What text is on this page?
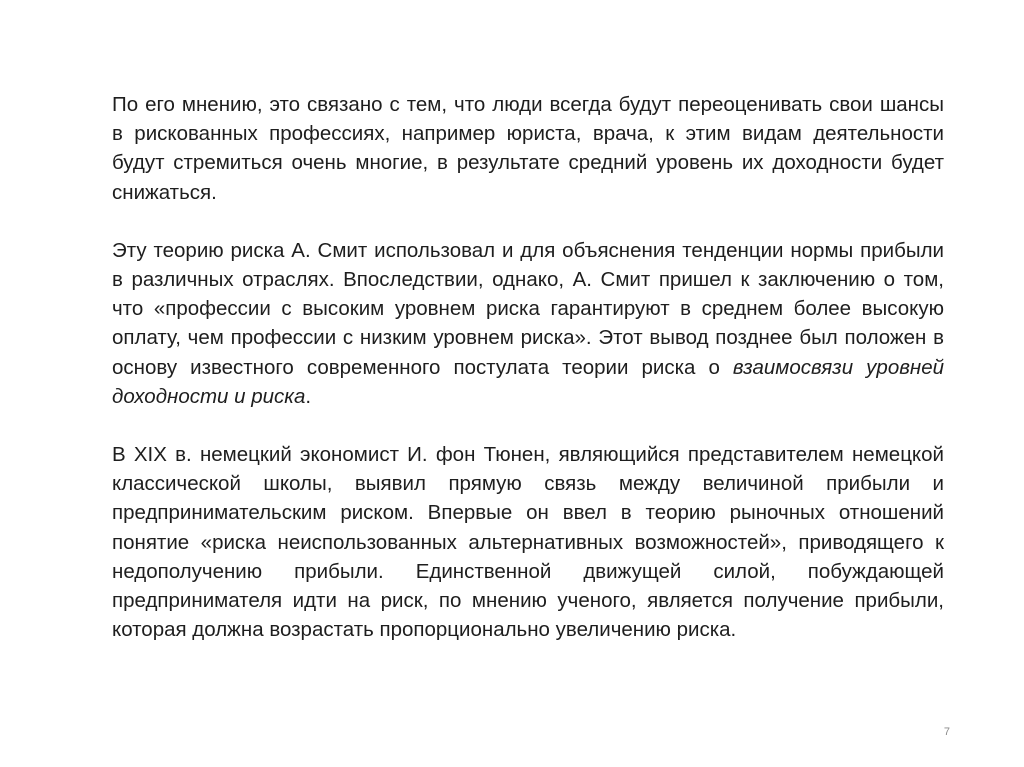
По его мнению, это связано с тем, что люди всегда будут переоценивать свои шансы в рискованных профессиях, например юриста, врача, к этим видам деятельности будут стремиться очень многие, в результате средний уровень их доходности будет снижаться.

Эту теорию риска А. Смит использовал и для объяснения тенденции нормы прибыли в различных отраслях. Впоследствии, однако, А. Смит пришел к заключению о том, что «профессии с высоким уровнем риска гарантируют в среднем более высокую оплату, чем профессии с низким уровнем риска». Этот вывод позднее был положен в основу известного современного постулата теории риска о взаимосвязи уровней доходности и риска.

В XIX в. немецкий экономист И. фон Тюнен, являющийся представителем немецкой классической школы, выявил прямую связь между величиной прибыли и предпринимательским риском. Впервые он ввел в теорию рыночных отношений понятие «риска неиспользованных альтернативных возможностей», приводящего к недополучению прибыли. Единственной движущей силой, побуждающей предпринимателя идти на риск, по мнению ученого, является получение прибыли, которая должна возрастать пропорционально увеличению риска.

7
